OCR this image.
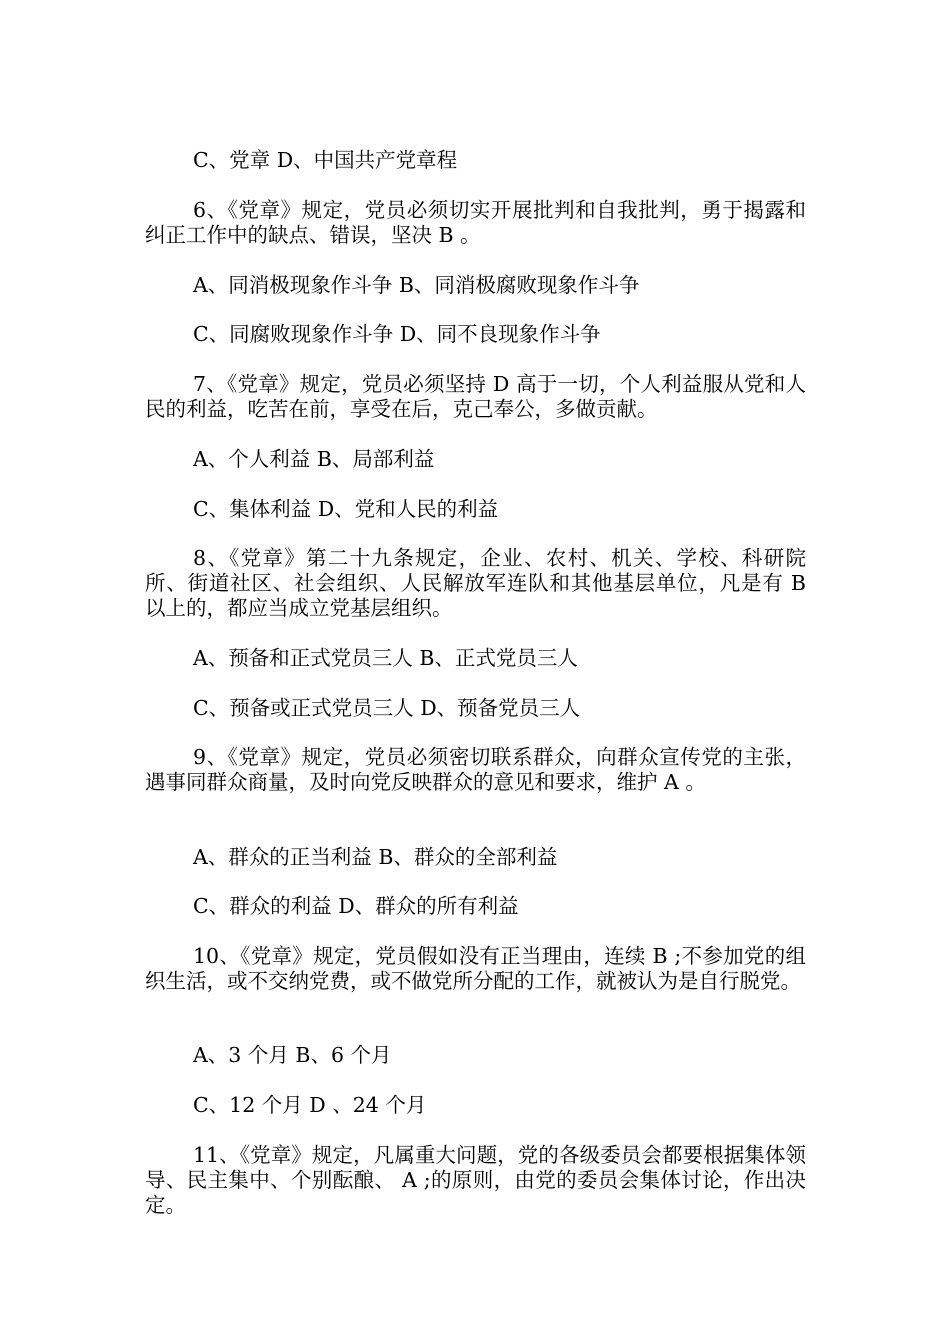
C、党章 D、中国共产党章程

6、《党章》规定，党员必须切实开展批判和自我批判，勇于揭露和纠正工作中的缺点、错误，坚决 B 。

A、同消极现象作斗争 B、同消极腐败现象作斗争

C、同腐败现象作斗争 D、同不良现象作斗争

7、《党章》规定，党员必须坚持 D 高于一切，个人利益服从党和人民的利益，吃苦在前，享受在后，克己奉公，多做贡献。

A、个人利益 B、局部利益

C、集体利益 D、党和人民的利益

8、《党章》第二十九条规定，企业、农村、机关、学校、科研院所、街道社区、社会组织、人民解放军连队和其他基层单位，凡是有 B 以上的，都应当成立党基层组织。

A、预备和正式党员三人 B、正式党员三人

C、预备或正式党员三人 D、预备党员三人

9、《党章》规定，党员必须密切联系群众，向群众宣传党的主张，遇事同群众商量，及时向党反映群众的意见和要求，维护 A 。

A、群众的正当利益 B、群众的全部利益

C、群众的利益 D、群众的所有利益

10、《党章》规定，党员假如没有正当理由，连续 B ;不参加党的组织生活，或不交纳党费，或不做党所分配的工作，就被认为是自行脱党。

A、3 个月 B、6 个月

C、12 个月 D 、24 个月

11、《党章》规定，凡属重大问题，党的各级委员会都要根据集体领导、民主集中、个别酝酿、 A ;的原则，由党的委员会集体讨论，作出决定。
